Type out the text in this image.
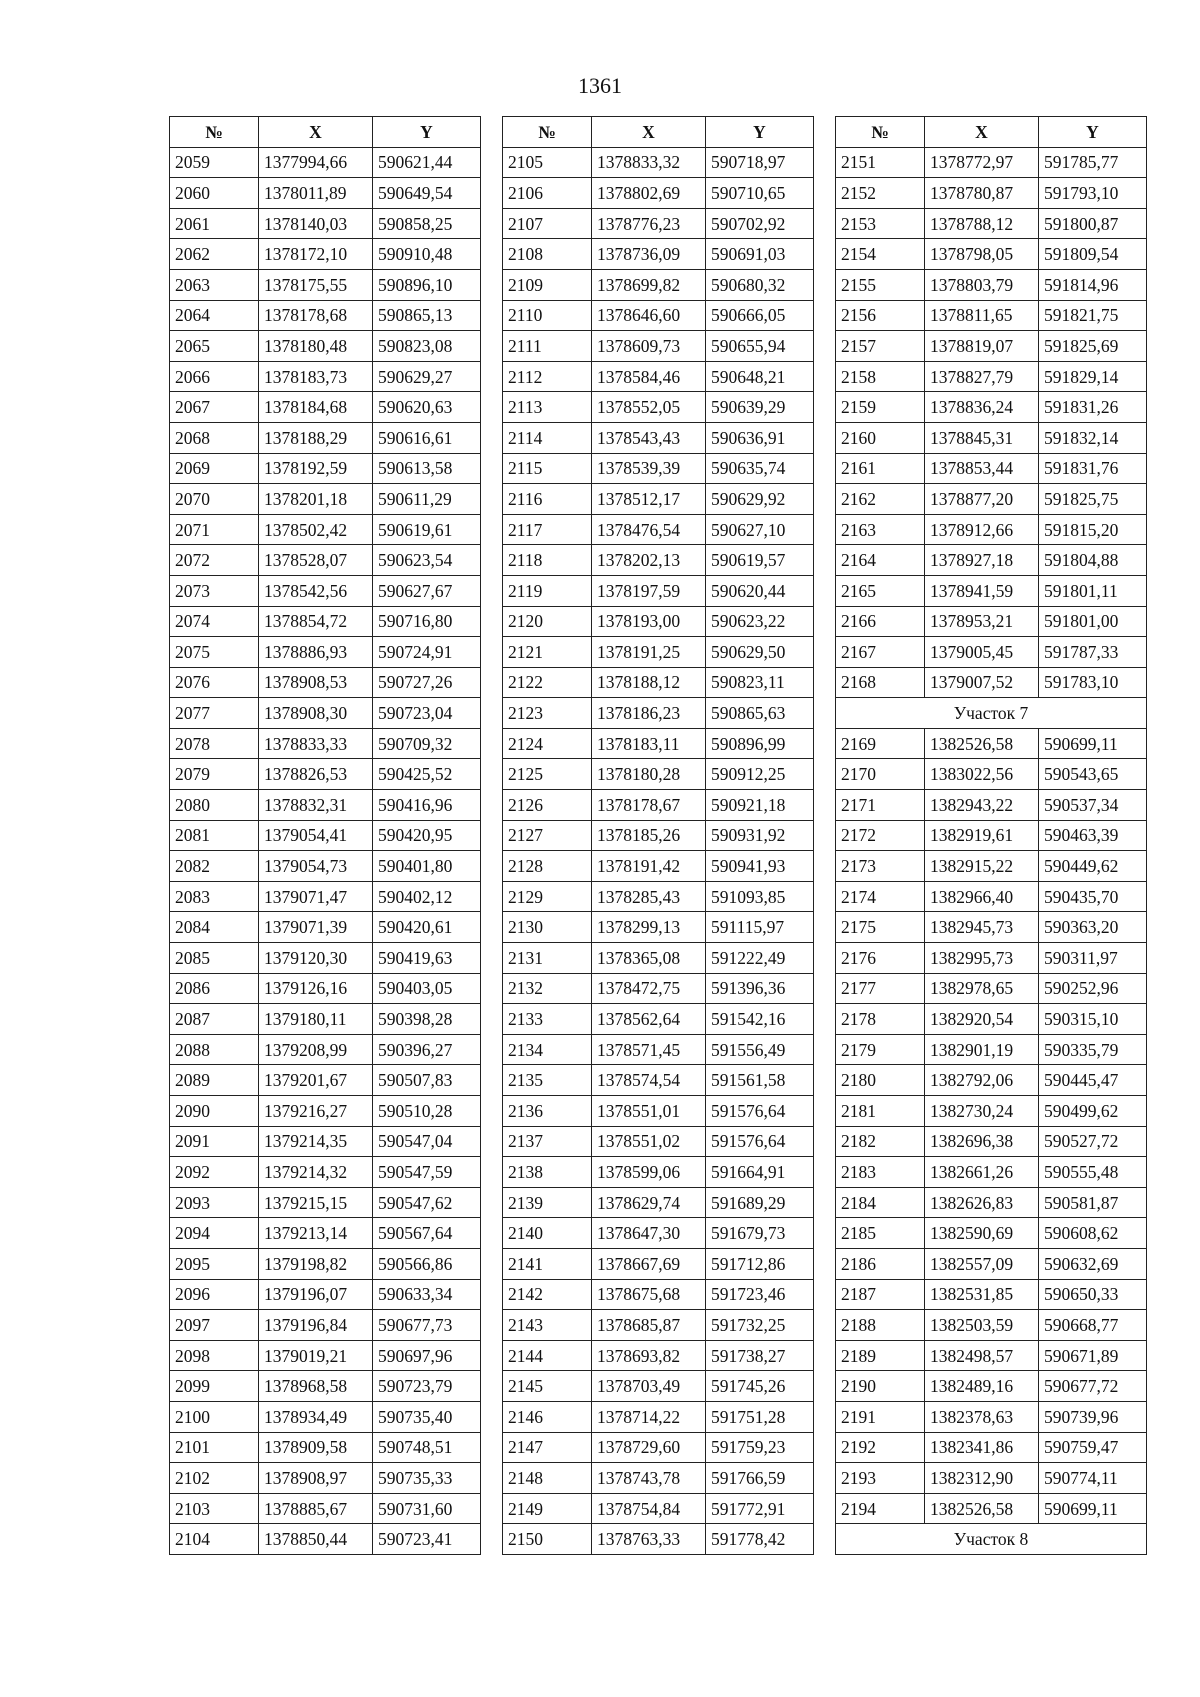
1361
№	X	Y
2059	1377994,66	590621,44
2060	1378011,89	590649,54
2061	1378140,03	590858,25
2062	1378172,10	590910,48
2063	1378175,55	590896,10
2064	1378178,68	590865,13
2065	1378180,48	590823,08
2066	1378183,73	590629,27
2067	1378184,68	590620,63
2068	1378188,29	590616,61
2069	1378192,59	590613,58
2070	1378201,18	590611,29
2071	1378502,42	590619,61
2072	1378528,07	590623,54
2073	1378542,56	590627,67
2074	1378854,72	590716,80
2075	1378886,93	590724,91
2076	1378908,53	590727,26
2077	1378908,30	590723,04
2078	1378833,33	590709,32
2079	1378826,53	590425,52
2080	1378832,31	590416,96
2081	1379054,41	590420,95
2082	1379054,73	590401,80
2083	1379071,47	590402,12
2084	1379071,39	590420,61
2085	1379120,30	590419,63
2086	1379126,16	590403,05
2087	1379180,11	590398,28
2088	1379208,99	590396,27
2089	1379201,67	590507,83
2090	1379216,27	590510,28
2091	1379214,35	590547,04
2092	1379214,32	590547,59
2093	1379215,15	590547,62
2094	1379213,14	590567,64
2095	1379198,82	590566,86
2096	1379196,07	590633,34
2097	1379196,84	590677,73
2098	1379019,21	590697,96
2099	1378968,58	590723,79
2100	1378934,49	590735,40
2101	1378909,58	590748,51
2102	1378908,97	590735,33
2103	1378885,67	590731,60
2104	1378850,44	590723,41
№	X	Y
2105	1378833,32	590718,97
2106	1378802,69	590710,65
2107	1378776,23	590702,92
2108	1378736,09	590691,03
2109	1378699,82	590680,32
2110	1378646,60	590666,05
2111	1378609,73	590655,94
2112	1378584,46	590648,21
2113	1378552,05	590639,29
2114	1378543,43	590636,91
2115	1378539,39	590635,74
2116	1378512,17	590629,92
2117	1378476,54	590627,10
2118	1378202,13	590619,57
2119	1378197,59	590620,44
2120	1378193,00	590623,22
2121	1378191,25	590629,50
2122	1378188,12	590823,11
2123	1378186,23	590865,63
2124	1378183,11	590896,99
2125	1378180,28	590912,25
2126	1378178,67	590921,18
2127	1378185,26	590931,92
2128	1378191,42	590941,93
2129	1378285,43	591093,85
2130	1378299,13	591115,97
2131	1378365,08	591222,49
2132	1378472,75	591396,36
2133	1378562,64	591542,16
2134	1378571,45	591556,49
2135	1378574,54	591561,58
2136	1378551,01	591576,64
2137	1378551,02	591576,64
2138	1378599,06	591664,91
2139	1378629,74	591689,29
2140	1378647,30	591679,73
2141	1378667,69	591712,86
2142	1378675,68	591723,46
2143	1378685,87	591732,25
2144	1378693,82	591738,27
2145	1378703,49	591745,26
2146	1378714,22	591751,28
2147	1378729,60	591759,23
2148	1378743,78	591766,59
2149	1378754,84	591772,91
2150	1378763,33	591778,42
№	X	Y
2151	1378772,97	591785,77
2152	1378780,87	591793,10
2153	1378788,12	591800,87
2154	1378798,05	591809,54
2155	1378803,79	591814,96
2156	1378811,65	591821,75
2157	1378819,07	591825,69
2158	1378827,79	591829,14
2159	1378836,24	591831,26
2160	1378845,31	591832,14
2161	1378853,44	591831,76
2162	1378877,20	591825,75
2163	1378912,66	591815,20
2164	1378927,18	591804,88
2165	1378941,59	591801,11
2166	1378953,21	591801,00
2167	1379005,45	591787,33
2168	1379007,52	591783,10
Участок 7		
2169	1382526,58	590699,11
2170	1383022,56	590543,65
2171	1382943,22	590537,34
2172	1382919,61	590463,39
2173	1382915,22	590449,62
2174	1382966,40	590435,70
2175	1382945,73	590363,20
2176	1382995,73	590311,97
2177	1382978,65	590252,96
2178	1382920,54	590315,10
2179	1382901,19	590335,79
2180	1382792,06	590445,47
2181	1382730,24	590499,62
2182	1382696,38	590527,72
2183	1382661,26	590555,48
2184	1382626,83	590581,87
2185	1382590,69	590608,62
2186	1382557,09	590632,69
2187	1382531,85	590650,33
2188	1382503,59	590668,77
2189	1382498,57	590671,89
2190	1382489,16	590677,72
2191	1382378,63	590739,96
2192	1382341,86	590759,47
2193	1382312,90	590774,11
2194	1382526,58	590699,11
Участок 8		
